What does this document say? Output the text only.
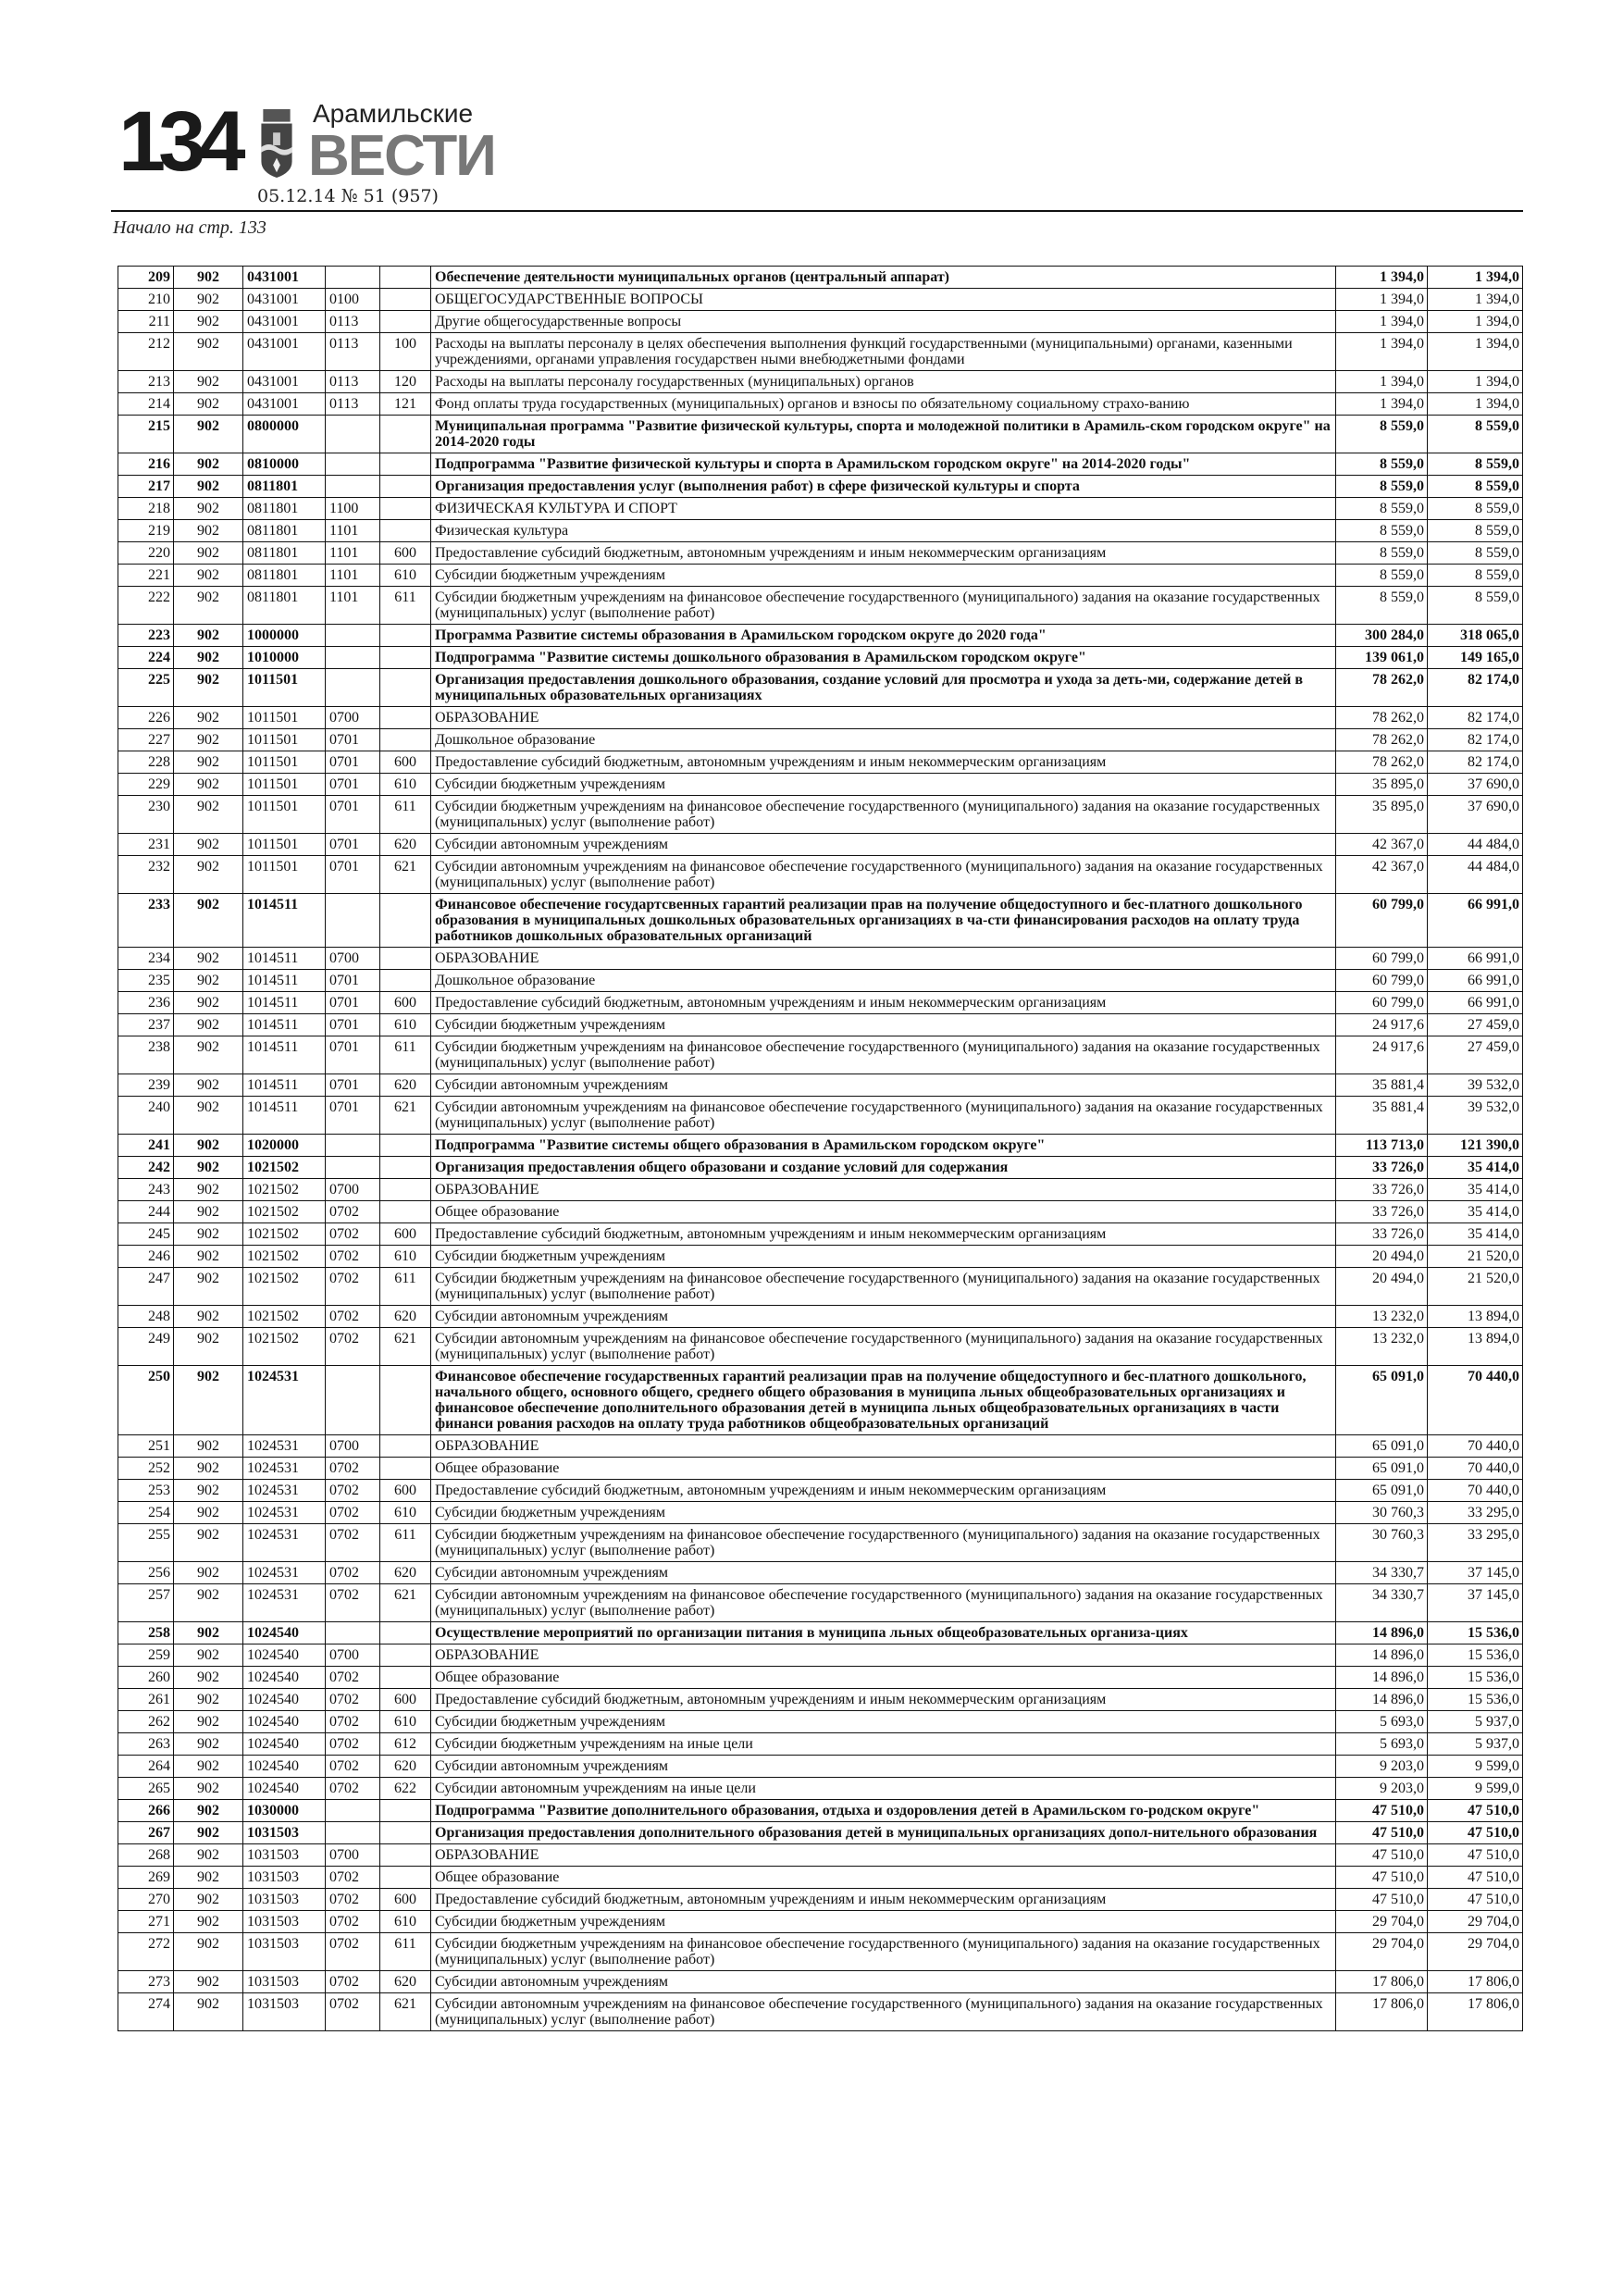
134	Арамильские
ВЕСТИ
05.12.14 № 51 (957)
Начало на стр. 133
209	902	0431001			Обеспечение деятельности муниципальных органов (центральный аппарат)	1 394,0	1 394,0
210	902	0431001	0100		ОБЩЕГОСУДАРСТВЕННЫЕ ВОПРОСЫ	1 394,0	1 394,0
211	902	0431001	0113		Другие общегосударственные вопросы	1 394,0	1 394,0
212	902	0431001	0113	100	Расходы на выплаты персоналу в целях обеспечения выполнения функций государственными (муниципальными) органами, казенными учреждениями, органами управления государствен ными внебюджетными фондами	1 394,0	1 394,0
213	902	0431001	0113	120	Расходы на выплаты персоналу государственных (муниципальных) органов	1 394,0	1 394,0
214	902	0431001	0113	121	Фонд оплаты труда государственных (муниципальных) органов и взносы по обязательному социальному страхо-ванию	1 394,0	1 394,0
215	902	0800000			Муниципальная программа "Развитие физической культуры, спорта и молодежной политики в Арамиль-ском городском округе" на 2014-2020 годы	8 559,0	8 559,0
216	902	0810000			Подпрограмма "Развитие физической культуры и спорта в Арамильском городском округе" на 2014-2020 годы"	8 559,0	8 559,0
217	902	0811801			Организация предоставления услуг (выполнения работ) в сфере физической культуры и спорта	8 559,0	8 559,0
218	902	0811801	1100		ФИЗИЧЕСКАЯ КУЛЬТУРА И СПОРТ	8 559,0	8 559,0
219	902	0811801	1101		Физическая культура	8 559,0	8 559,0
220	902	0811801	1101	600	Предоставление субсидий бюджетным, автономным учреждениям и иным некоммерческим организациям	8 559,0	8 559,0
221	902	0811801	1101	610	Субсидии бюджетным учреждениям	8 559,0	8 559,0
222	902	0811801	1101	611	Субсидии бюджетным учреждениям на финансовое обеспечение государственного (муниципального) задания на оказание государственных (муниципальных) услуг (выполнение работ)	8 559,0	8 559,0
223	902	1000000			Программа Развитие системы образования в Арамильском городском округе до 2020 года"	300 284,0	318 065,0
224	902	1010000			Подпрограмма "Развитие системы дошкольного образования в Арамильском городском округе"	139 061,0	149 165,0
225	902	1011501			Организация предоставления дошкольного образования, создание условий для просмотра и ухода за деть-ми, содержание детей в муниципальных образовательных организациях	78 262,0	82 174,0
226	902	1011501	0700		ОБРАЗОВАНИЕ	78 262,0	82 174,0
227	902	1011501	0701		Дошкольное образование	78 262,0	82 174,0
228	902	1011501	0701	600	Предоставление субсидий бюджетным, автономным учреждениям и иным некоммерческим организациям	78 262,0	82 174,0
229	902	1011501	0701	610	Субсидии бюджетным учреждениям	35 895,0	37 690,0
230	902	1011501	0701	611	Субсидии бюджетным учреждениям на финансовое обеспечение государственного (муниципального) задания на оказание государственных (муниципальных) услуг (выполнение работ)	35 895,0	37 690,0
231	902	1011501	0701	620	Субсидии автономным учреждениям	42 367,0	44 484,0
232	902	1011501	0701	621	Субсидии автономным учреждениям на финансовое обеспечение государственного (муниципального) задания на оказание государственных (муниципальных) услуг (выполнение работ)	42 367,0	44 484,0
233	902	1014511			Финансовое обеспечение государтсвенных гарантий реализации прав на получение общедоступного и бес-платного дошкольного образования в муниципальных дошкольных образовательных организациях в ча-сти финансирования расходов на оплату труда работников дошкольных образовательных организаций	60 799,0	66 991,0
234	902	1014511	0700		ОБРАЗОВАНИЕ	60 799,0	66 991,0
235	902	1014511	0701		Дошкольное образование	60 799,0	66 991,0
236	902	1014511	0701	600	Предоставление субсидий бюджетным, автономным учреждениям и иным некоммерческим организациям	60 799,0	66 991,0
237	902	1014511	0701	610	Субсидии бюджетным учреждениям	24 917,6	27 459,0
238	902	1014511	0701	611	Субсидии бюджетным учреждениям на финансовое обеспечение государственного (муниципального) задания на оказание государственных (муниципальных) услуг (выполнение работ)	24 917,6	27 459,0
239	902	1014511	0701	620	Субсидии автономным учреждениям	35 881,4	39 532,0
240	902	1014511	0701	621	Субсидии автономным учреждениям на финансовое обеспечение государственного (муниципального) задания на оказание государственных (муниципальных) услуг (выполнение работ)	35 881,4	39 532,0
241	902	1020000			Подпрограмма "Развитие системы общего образования в Арамильском городском округе"	113 713,0	121 390,0
242	902	1021502			Организация предоставления общего образовани и создание условий для содержания	33 726,0	35 414,0
243	902	1021502	0700		ОБРАЗОВАНИЕ	33 726,0	35 414,0
244	902	1021502	0702		Общее образование	33 726,0	35 414,0
245	902	1021502	0702	600	Предоставление субсидий бюджетным, автономным учреждениям и иным некоммерческим организациям	33 726,0	35 414,0
246	902	1021502	0702	610	Субсидии бюджетным учреждениям	20 494,0	21 520,0
247	902	1021502	0702	611	Субсидии бюджетным учреждениям на финансовое обеспечение государственного (муниципального) задания на оказание государственных (муниципальных) услуг (выполнение работ)	20 494,0	21 520,0
248	902	1021502	0702	620	Субсидии автономным учреждениям	13 232,0	13 894,0
249	902	1021502	0702	621	Субсидии автономным учреждениям на финансовое обеспечение государственного (муниципального) задания на оказание государственных (муниципальных) услуг (выполнение работ)	13 232,0	13 894,0
250	902	1024531			Финансовое обеспечение государственных гарантий реализации прав на получение общедоступного и бес-платного дошкольного, начального общего, основного общего, среднего общего образования в муниципа льных общеобразовательных организациях и финансовое обеспечение дополнительного образования детей в муниципа льных общеобразовательных организациях в части финанси рования расходов на оплату труда работников общеобразовательных организаций	65 091,0	70 440,0
251	902	1024531	0700		ОБРАЗОВАНИЕ	65 091,0	70 440,0
252	902	1024531	0702		Общее образование	65 091,0	70 440,0
253	902	1024531	0702	600	Предоставление субсидий бюджетным, автономным учреждениям и иным некоммерческим организациям	65 091,0	70 440,0
254	902	1024531	0702	610	Субсидии бюджетным учреждениям	30 760,3	33 295,0
255	902	1024531	0702	611	Субсидии бюджетным учреждениям на финансовое обеспечение государственного (муниципального) задания на оказание государственных (муниципальных) услуг (выполнение работ)	30 760,3	33 295,0
256	902	1024531	0702	620	Субсидии автономным учреждениям	34 330,7	37 145,0
257	902	1024531	0702	621	Субсидии автономным учреждениям на финансовое обеспечение государственного (муниципального) задания на оказание государственных (муниципальных) услуг (выполнение работ)	34 330,7	37 145,0
258	902	1024540			Осуществление мероприятий по организации питания в муниципа льных общеобразовательных организа-циях	14 896,0	15 536,0
259	902	1024540	0700		ОБРАЗОВАНИЕ	14 896,0	15 536,0
260	902	1024540	0702		Общее образование	14 896,0	15 536,0
261	902	1024540	0702	600	Предоставление субсидий бюджетным, автономным учреждениям и иным некоммерческим организациям	14 896,0	15 536,0
262	902	1024540	0702	610	Субсидии бюджетным учреждениям	5 693,0	5 937,0
263	902	1024540	0702	612	Субсидии бюджетным учреждениям на иные цели	5 693,0	5 937,0
264	902	1024540	0702	620	Субсидии автономным учреждениям	9 203,0	9 599,0
265	902	1024540	0702	622	Субсидии автономным учреждениям на иные цели	9 203,0	9 599,0
266	902	1030000			Подпрограмма "Развитие дополнительного образования, отдыха и оздоровления детей в Арамильском го-родском округе"	47 510,0	47 510,0
267	902	1031503			Организация предоставления дополнительного образования детей в муниципальных организациях допол-нительного образования	47 510,0	47 510,0
268	902	1031503	0700		ОБРАЗОВАНИЕ	47 510,0	47 510,0
269	902	1031503	0702		Общее образование	47 510,0	47 510,0
270	902	1031503	0702	600	Предоставление субсидий бюджетным, автономным учреждениям и иным некоммерческим организациям	47 510,0	47 510,0
271	902	1031503	0702	610	Субсидии бюджетным учреждениям	29 704,0	29 704,0
272	902	1031503	0702	611	Субсидии бюджетным учреждениям на финансовое обеспечение государственного (муниципального) задания на оказание государственных (муниципальных) услуг (выполнение работ)	29 704,0	29 704,0
273	902	1031503	0702	620	Субсидии автономным учреждениям	17 806,0	17 806,0
274	902	1031503	0702	621	Субсидии автономным учреждениям на финансовое обеспечение государственного (муниципального) задания на оказание государственных (муниципальных) услуг (выполнение работ)	17 806,0	17 806,0
